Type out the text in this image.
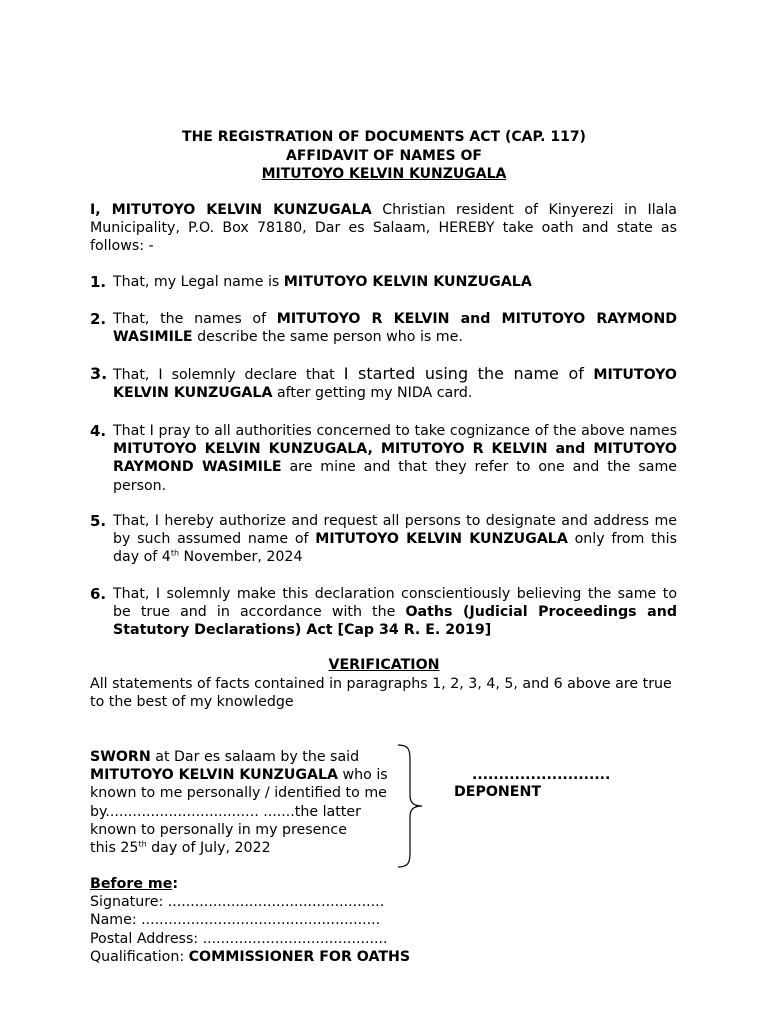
THE REGISTRATION OF DOCUMENTS ACT (CAP. 117)
AFFIDAVIT OF NAMES OF
MITUTOYO KELVIN KUNZUGALA
I, MITUTOYO KELVIN KUNZUGALA Christian resident of Kinyerezi in Ilala Municipality, P.O. Box 78180, Dar es Salaam, HEREBY take oath and state as follows: -
1. That, my Legal name is MITUTOYO KELVIN KUNZUGALA
2. That, the names of MITUTOYO R KELVIN and MITUTOYO RAYMOND WASIMILE describe the same person who is me.
3. That, I solemnly declare that I started using the name of MITUTOYO KELVIN KUNZUGALA after getting my NIDA card.
4. That I pray to all authorities concerned to take cognizance of the above names MITUTOYO KELVIN KUNZUGALA, MITUTOYO R KELVIN and MITUTOYO RAYMOND WASIMILE are mine and that they refer to one and the same person.
5. That, I hereby authorize and request all persons to designate and address me by such assumed name of MITUTOYO KELVIN KUNZUGALA only from this day of 4th November, 2024
6. That, I solemnly make this declaration conscientiously believing the same to be true and in accordance with the Oaths (Judicial Proceedings and Statutory Declarations) Act [Cap 34 R. E. 2019]
VERIFICATION
All statements of facts contained in paragraphs 1, 2, 3, 4, 5, and 6 above are true to the best of my knowledge
SWORN at Dar es salaam by the said
MITUTOYO KELVIN KUNZUGALA who is
known to me personally / identified to me
by.................................. .......the latter
known to personally in my presence
this 25th day of July, 2022
..........................
DEPONENT
Before me:
Signature: ................................................
Name: .....................................................
Postal Address: .........................................
Qualification: COMMISSIONER FOR OATHS
